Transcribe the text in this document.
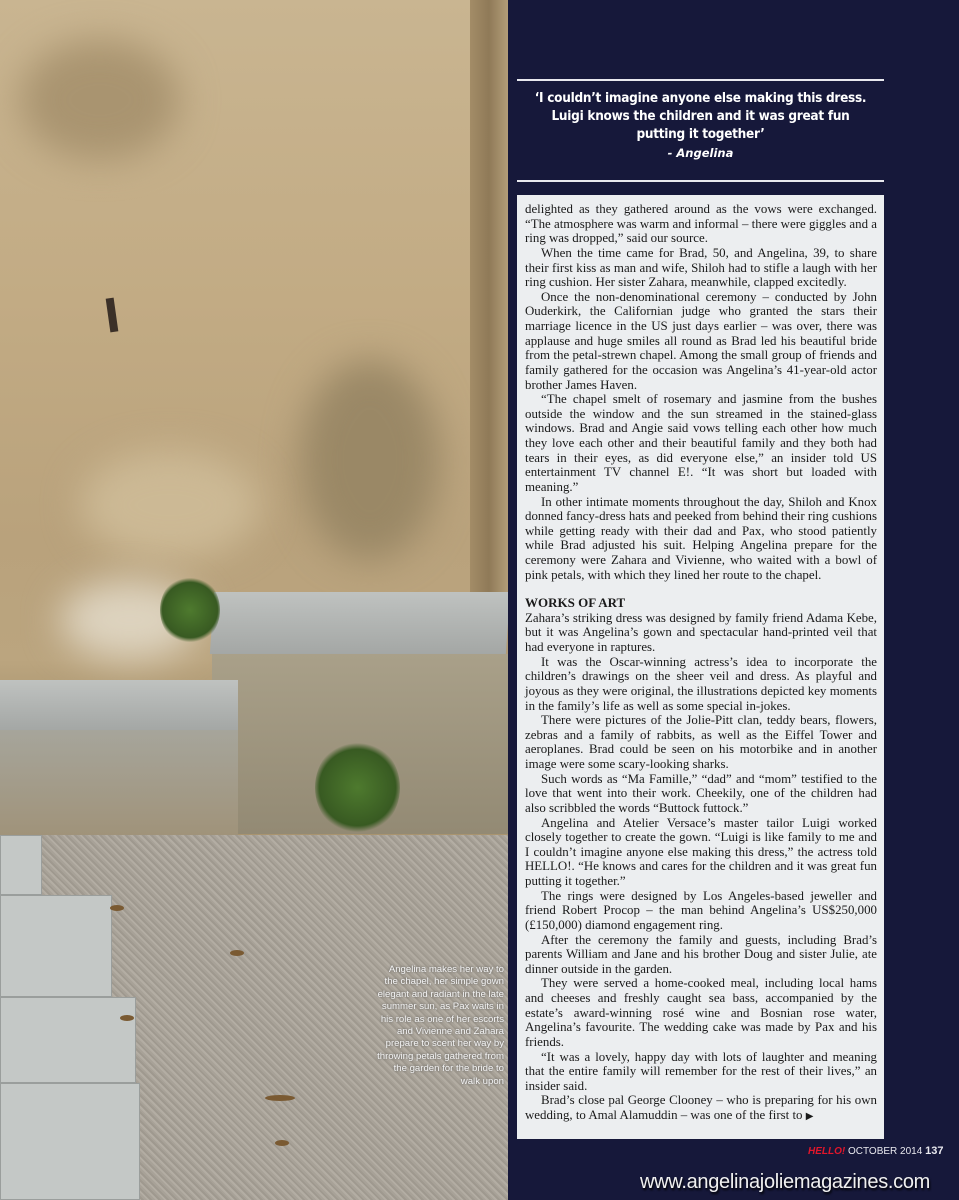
Angelina makes her way to the chapel, her simple gown elegant and radiant in the late summer sun, as Pax waits in his role as one of her escorts and Vivienne and Zahara prepare to scent her way by throwing petals gathered from the garden for the bride to walk upon
‘I couldn’t imagine anyone else making this dress. Luigi knows the children and it was great fun putting it together’
- Angelina

delighted as they gathered around as the vows were exchanged. “The atmosphere was warm and informal – there were giggles and a ring was dropped,” said our source.

When the time came for Brad, 50, and Angelina, 39, to share their first kiss as man and wife, Shiloh had to stifle a laugh with her ring cushion. Her sister Zahara, meanwhile, clapped excitedly.

Once the non-denominational ceremony – conducted by John Ouderkirk, the Californian judge who granted the stars their marriage licence in the US just days earlier – was over, there was applause and huge smiles all round as Brad led his beautiful bride from the petal-strewn chapel. Among the small group of friends and family gathered for the occasion was Angelina’s 41-year-old actor brother James Haven.

“The chapel smelt of rosemary and jasmine from the bushes outside the window and the sun streamed in the stained-glass windows. Brad and Angie said vows telling each other how much they love each other and their beautiful family and they both had tears in their eyes, as did everyone else,” an insider told US entertainment TV channel E!. “It was short but loaded with meaning.”

In other intimate moments throughout the day, Shiloh and Knox donned fancy-dress hats and peeked from behind their ring cushions while getting ready with their dad and Pax, who stood patiently while Brad adjusted his suit. Helping Angelina prepare for the ceremony were Zahara and Vivienne, who waited with a bowl of pink petals, with which they lined her route to the chapel.

WORKS OF ART

Zahara’s striking dress was designed by family friend Adama Kebe, but it was Angelina’s gown and spectacular hand-printed veil that had everyone in raptures.

It was the Oscar-winning actress’s idea to incorporate the children’s drawings on the sheer veil and dress. As playful and joyous as they were original, the illustrations depicted key moments in the family’s life as well as some special in-jokes.

There were pictures of the Jolie-Pitt clan, teddy bears, flowers, zebras and a family of rabbits, as well as the Eiffel Tower and aeroplanes. Brad could be seen on his motorbike and in another image were some scary-looking sharks.

Such words as “Ma Famille,” “dad” and “mom” testified to the love that went into their work. Cheekily, one of the children had also scribbled the words “Buttock futtock.”

Angelina and Atelier Versace’s master tailor Luigi worked closely together to create the gown. “Luigi is like family to me and I couldn’t imagine anyone else making this dress,” the actress told HELLO!. “He knows and cares for the children and it was great fun putting it together.”

The rings were designed by Los Angeles-based jeweller and friend Robert Procop – the man behind Angelina’s US$250,000 (£150,000) diamond engagement ring.

After the ceremony the family and guests, including Brad’s parents William and Jane and his brother Doug and sister Julie, ate dinner outside in the garden.

They were served a home-cooked meal, including local hams and cheeses and freshly caught sea bass, accompanied by the estate’s award-winning rosé wine and Bosnian rose water, Angelina’s favourite. The wedding cake was made by Pax and his friends.

“It was a lovely, happy day with lots of laughter and meaning that the entire family will remember for the rest of their lives,” an insider said.

Brad’s close pal George Clooney – who is preparing for his own wedding, to Amal Alamuddin – was one of the first to ▶

HELLO! OCTOBER 2014 137
www.angelinajoliemagazines.com
